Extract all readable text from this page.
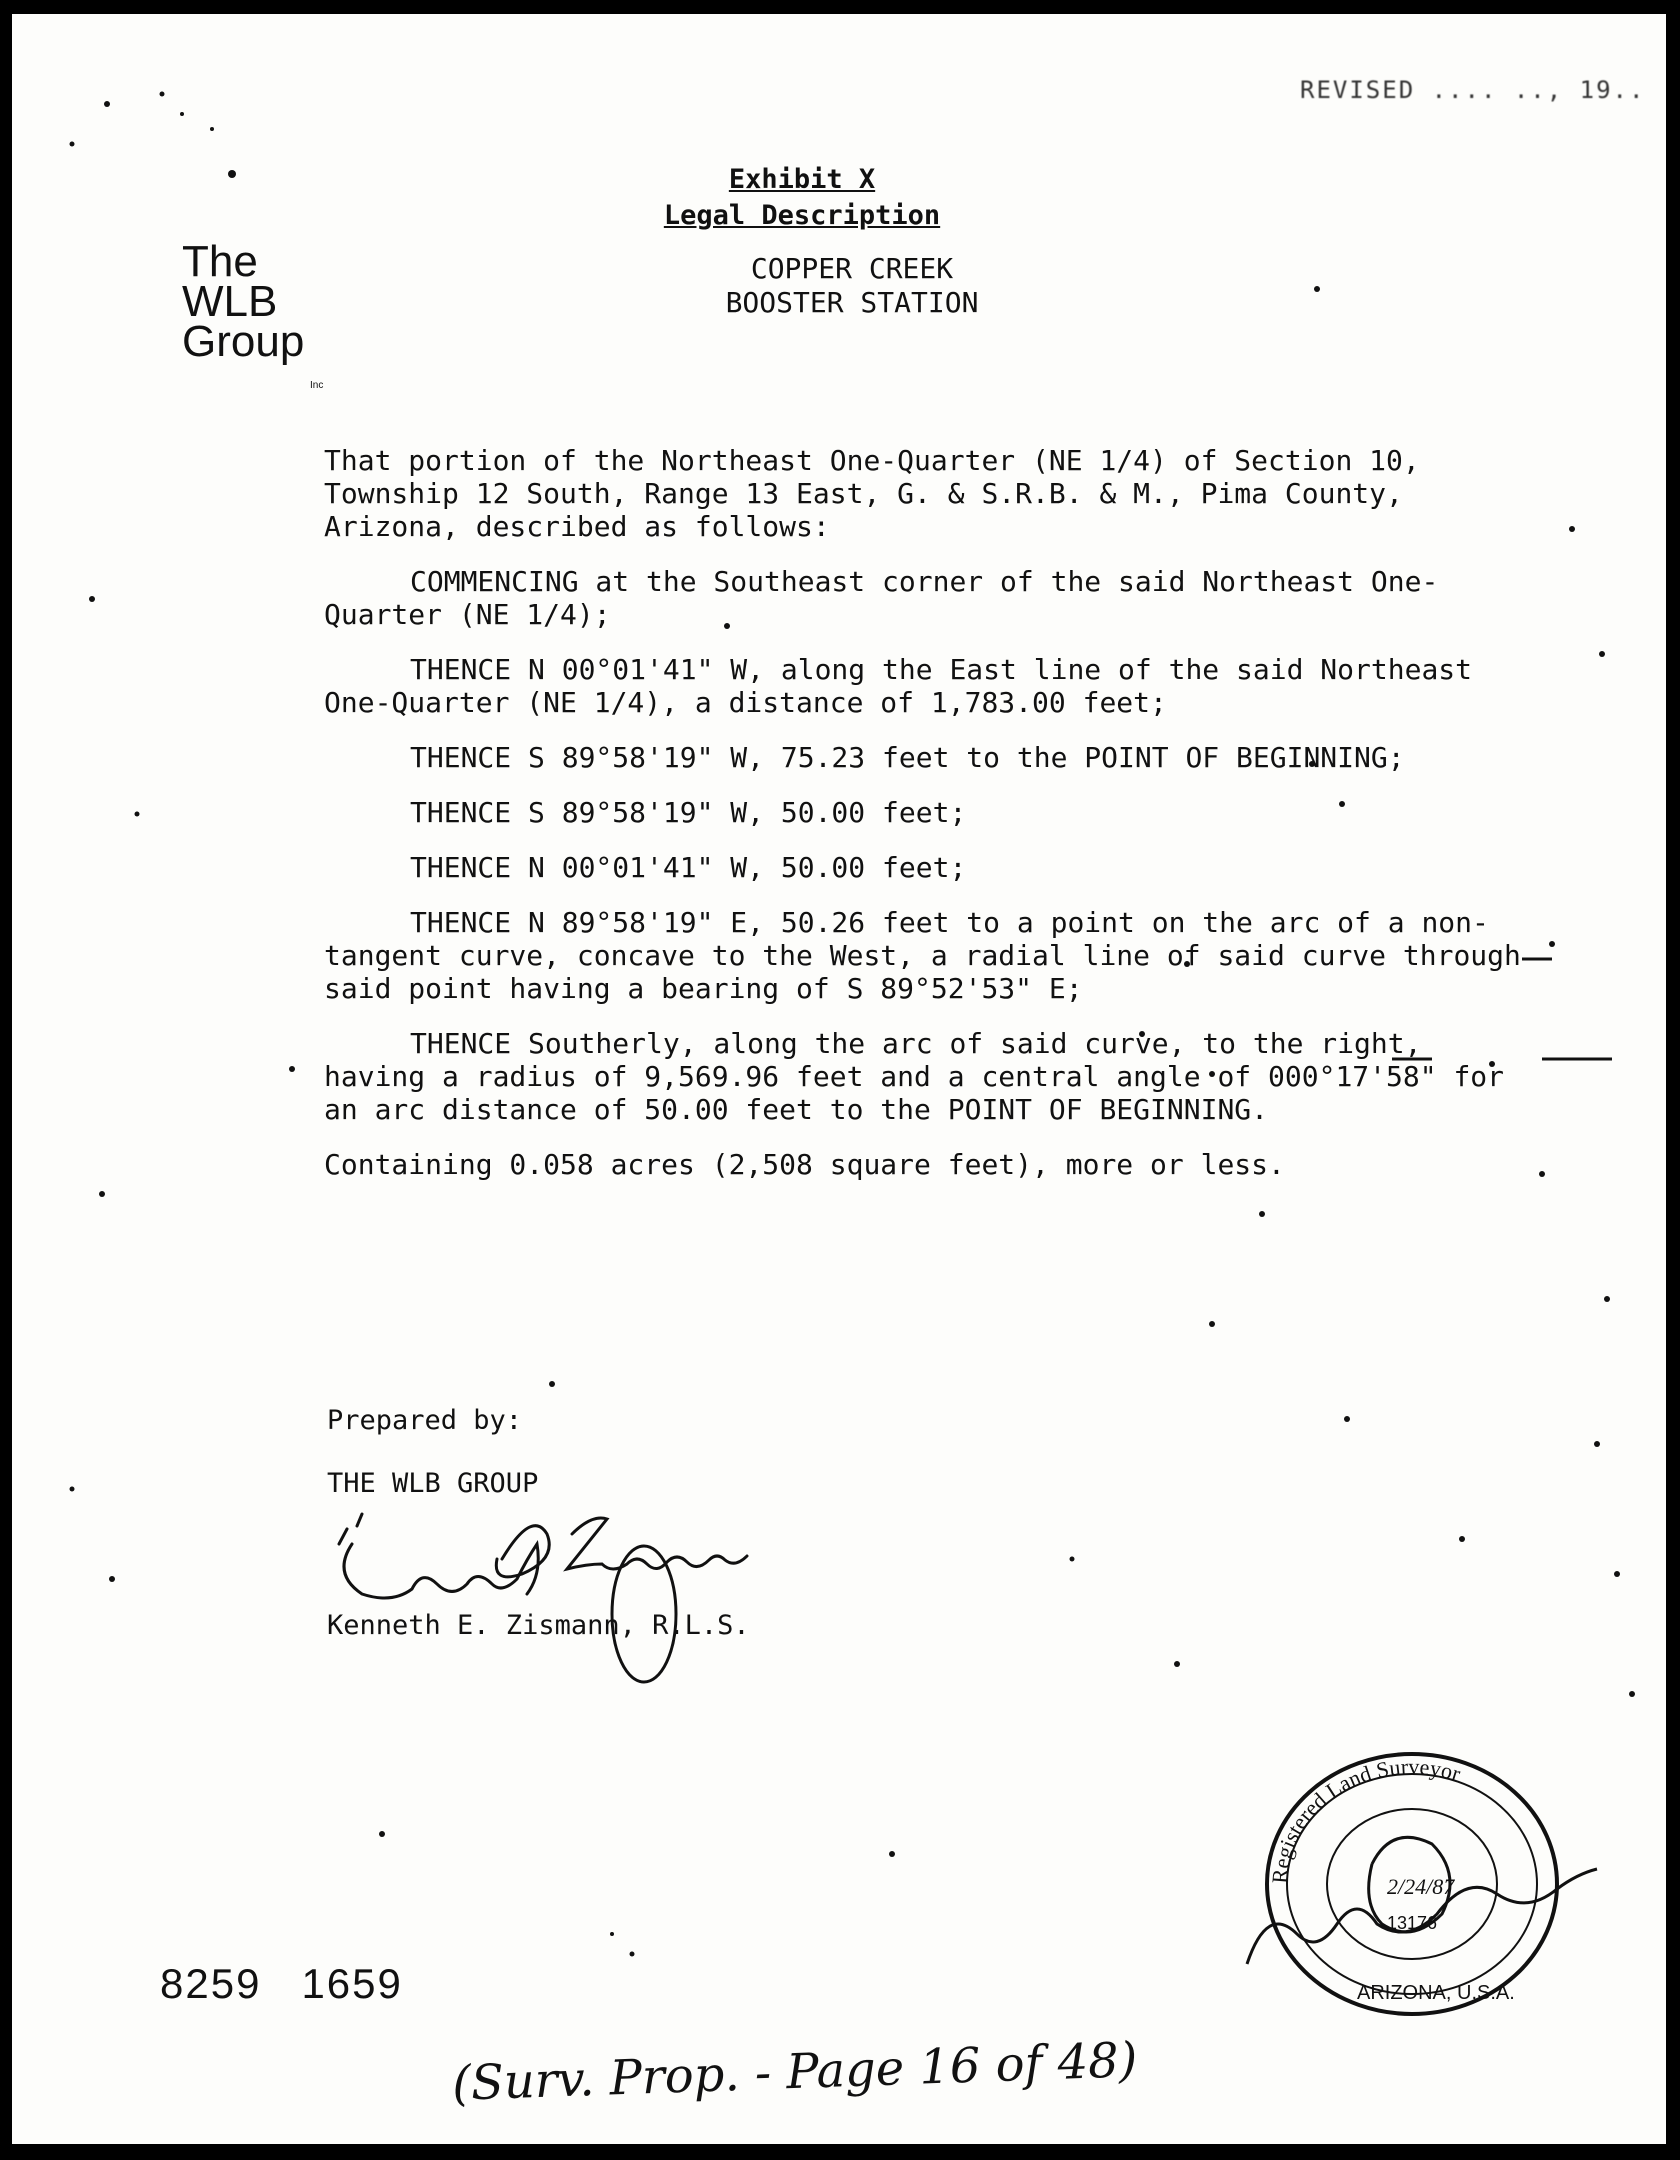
REVISED .... .., 19..
Exhibit X
Legal Description
COPPER CREEK
BOOSTER STATION
The
WLB
Group
Inc

That portion of the Northeast One-Quarter (NE 1/4) of Section 10, Township 12 South, Range 13 East, G. & S.R.B. & M., Pima County, Arizona, described as follows:

COMMENCING at the Southeast corner of the said Northeast One-Quarter (NE 1/4);

THENCE N 00°01'41" W, along the East line of the said Northeast One-Quarter (NE 1/4), a distance of 1,783.00 feet;

THENCE S 89°58'19" W, 75.23 feet to the POINT OF BEGINNING;

THENCE S 89°58'19" W, 50.00 feet;

THENCE N 00°01'41" W, 50.00 feet;

THENCE N 89°58'19" E, 50.26 feet to a point on the arc of a non-tangent curve, concave to the West, a radial line of said curve through said point having a bearing of S 89°52'53" E;

THENCE Southerly, along the arc of said curve, to the right, having a radius of 9,569.96 feet and a central angle of 000°17'58" for an arc distance of 50.00 feet to the POINT OF BEGINNING.

Containing 0.058 acres (2,508 square feet), more or less.

Prepared by:
THE WLB GROUP
Kenneth E. Zismann, R.L.S.
8259 1659
(Surv. Prop. - Page 16 of 48)
Registered Land Surveyor
13176
2/24/87
ARIZONA, U.S.A.
